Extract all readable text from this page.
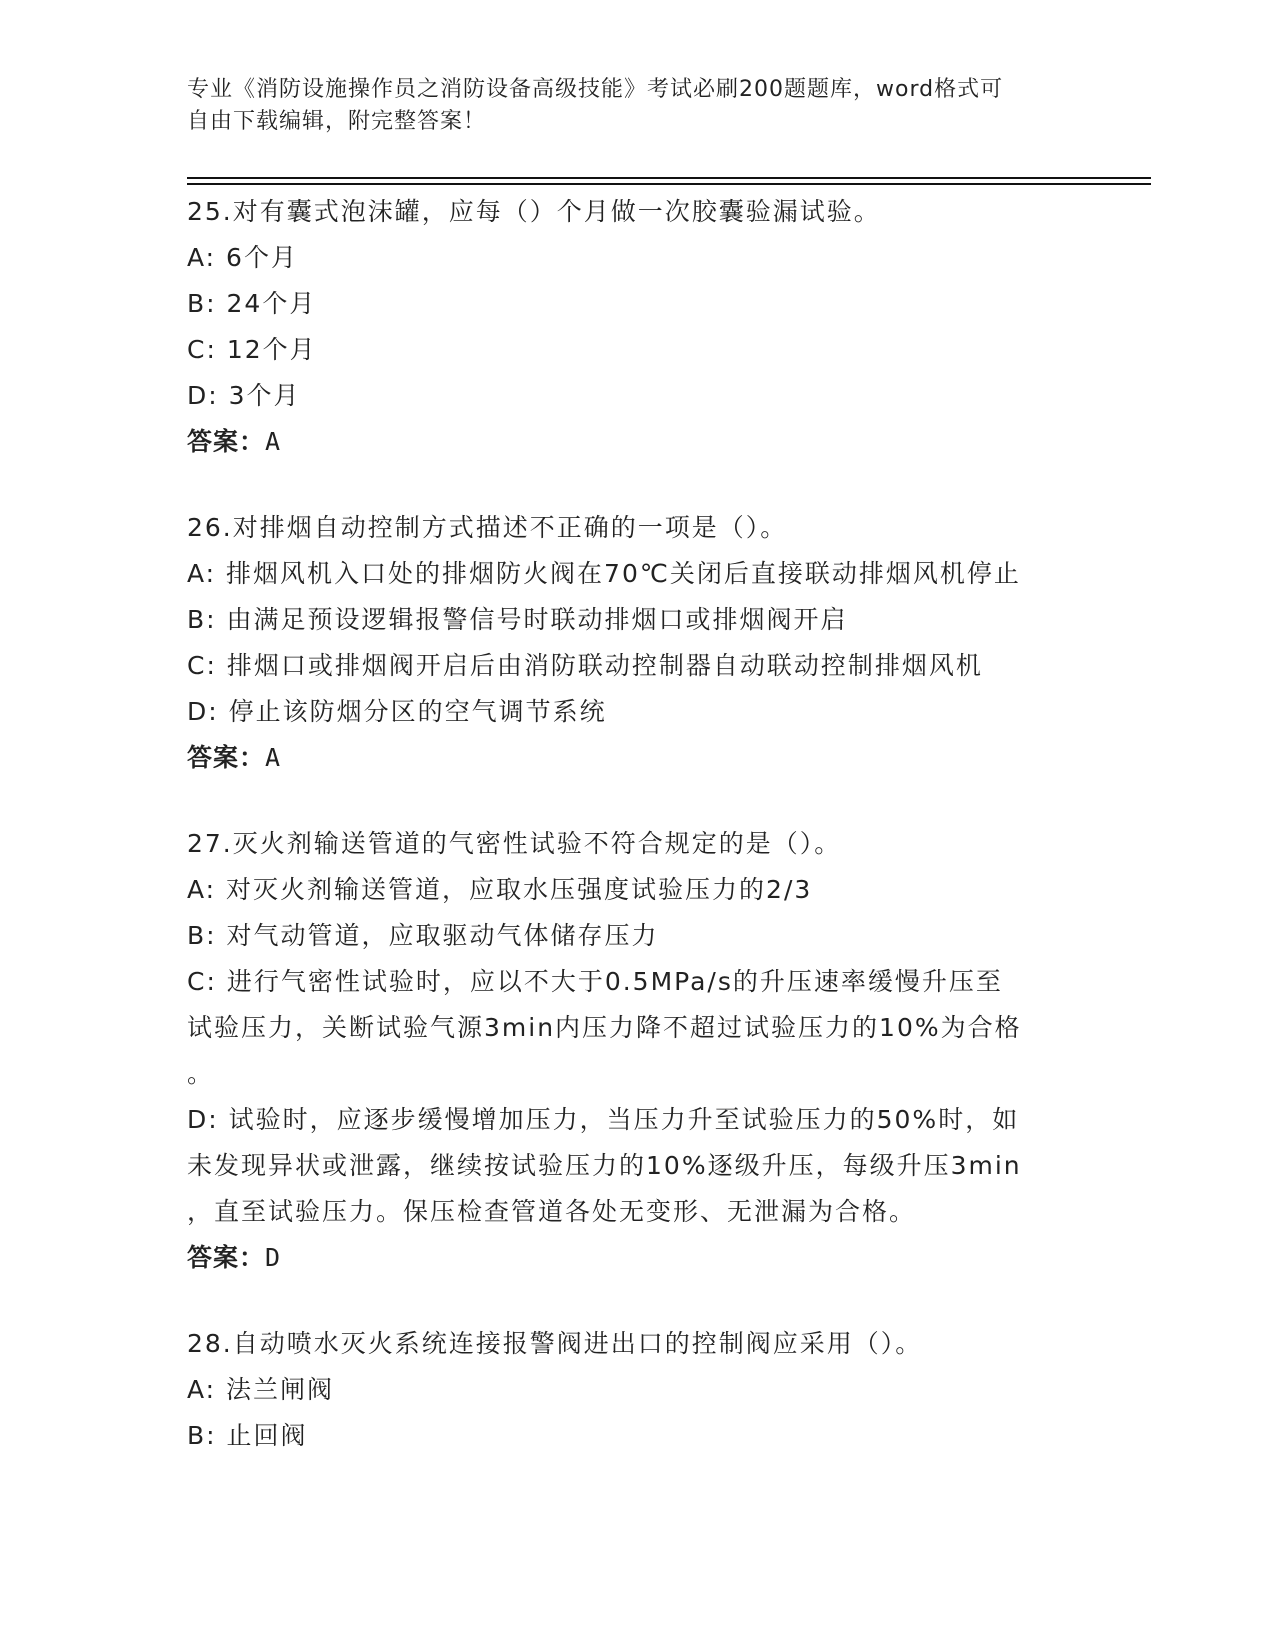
专业《消防设施操作员之消防设备高级技能》考试必刷200题题库，word格式可
自由下载编辑，附完整答案！
25.对有囊式泡沫罐，应每（）个月做一次胶囊验漏试验。
A: 6个月
B: 24个月
C: 12个月
D: 3个月
答案：A
26.对排烟自动控制方式描述不正确的一项是（）。
A: 排烟风机入口处的排烟防火阀在70℃关闭后直接联动排烟风机停止
B: 由满足预设逻辑报警信号时联动排烟口或排烟阀开启
C: 排烟口或排烟阀开启后由消防联动控制器自动联动控制排烟风机
D: 停止该防烟分区的空气调节系统
答案：A
27.灭火剂输送管道的气密性试验不符合规定的是（）。
A: 对灭火剂输送管道，应取水压强度试验压力的2/3
B: 对气动管道，应取驱动气体储存压力
C: 进行气密性试验时，应以不大于0.5MPa/s的升压速率缓慢升压至
试验压力，关断试验气源3min内压力降不超过试验压力的10%为合格
。
D: 试验时，应逐步缓慢增加压力，当压力升至试验压力的50%时，如
未发现异状或泄露，继续按试验压力的10%逐级升压，每级升压3min
，直至试验压力。保压检查管道各处无变形、无泄漏为合格。
答案：D
28.自动喷水灭火系统连接报警阀进出口的控制阀应采用（）。
A: 法兰闸阀
B: 止回阀
